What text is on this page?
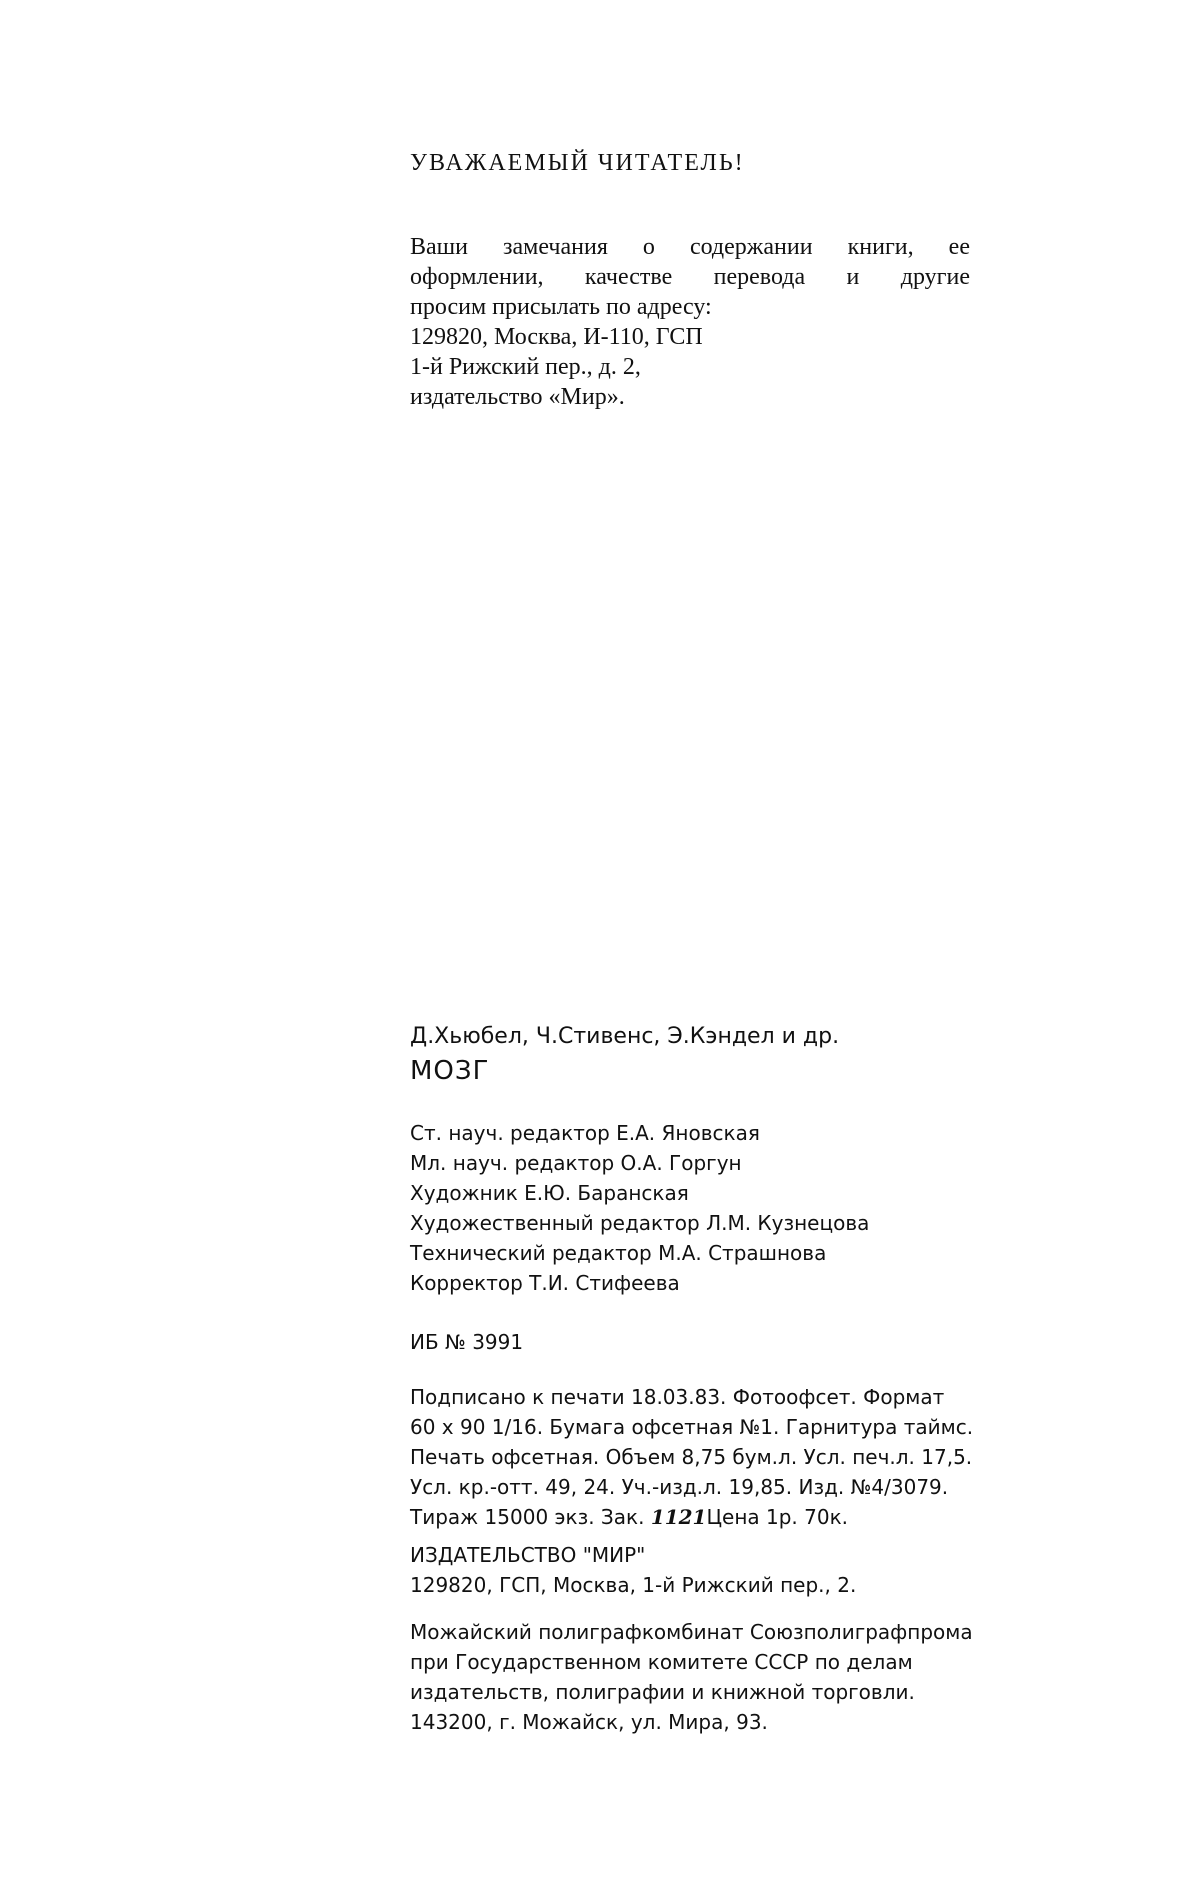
УВАЖАЕМЫЙ ЧИТАТЕЛЬ!
Ваши замечания о содержании книги, ее
оформлении, качестве перевода и другие
просим присылать по адресу:
129820, Москва, И-110, ГСП
1-й Рижский пер., д. 2,
издательство «Мир».
Д.Хьюбел, Ч.Стивенс, Э.Кэндел и др.
МОЗГ
Ст. науч. редактор Е.А. Яновская
Мл. науч. редактор О.А. Горгун
Художник Е.Ю. Баранская
Художественный редактор Л.М. Кузнецова
Технический редактор М.А. Страшнова
Корректор Т.И. Стифеева
ИБ № 3991
Подписано к печати 18.03.83. Фотоофсет. Формат
60 x 90 1/16. Бумага офсетная №1. Гарнитура таймс.
Печать офсетная. Объем 8,75 бум.л. Усл. печ.л. 17,5.
Усл. кр.-отт. 49, 24. Уч.-изд.л. 19,85. Изд. №4/3079.
Тираж 15000 экз. Зак. 1121Цена 1р. 70к.
ИЗДАТЕЛЬСТВО "МИР"
129820, ГСП, Москва, 1-й Рижский пер., 2.
Можайский полиграфкомбинат Союзполиграфпрома
при Государственном комитете СССР по делам
издательств, полиграфии и книжной торговли.
143200, г. Можайск, ул. Мира, 93.
